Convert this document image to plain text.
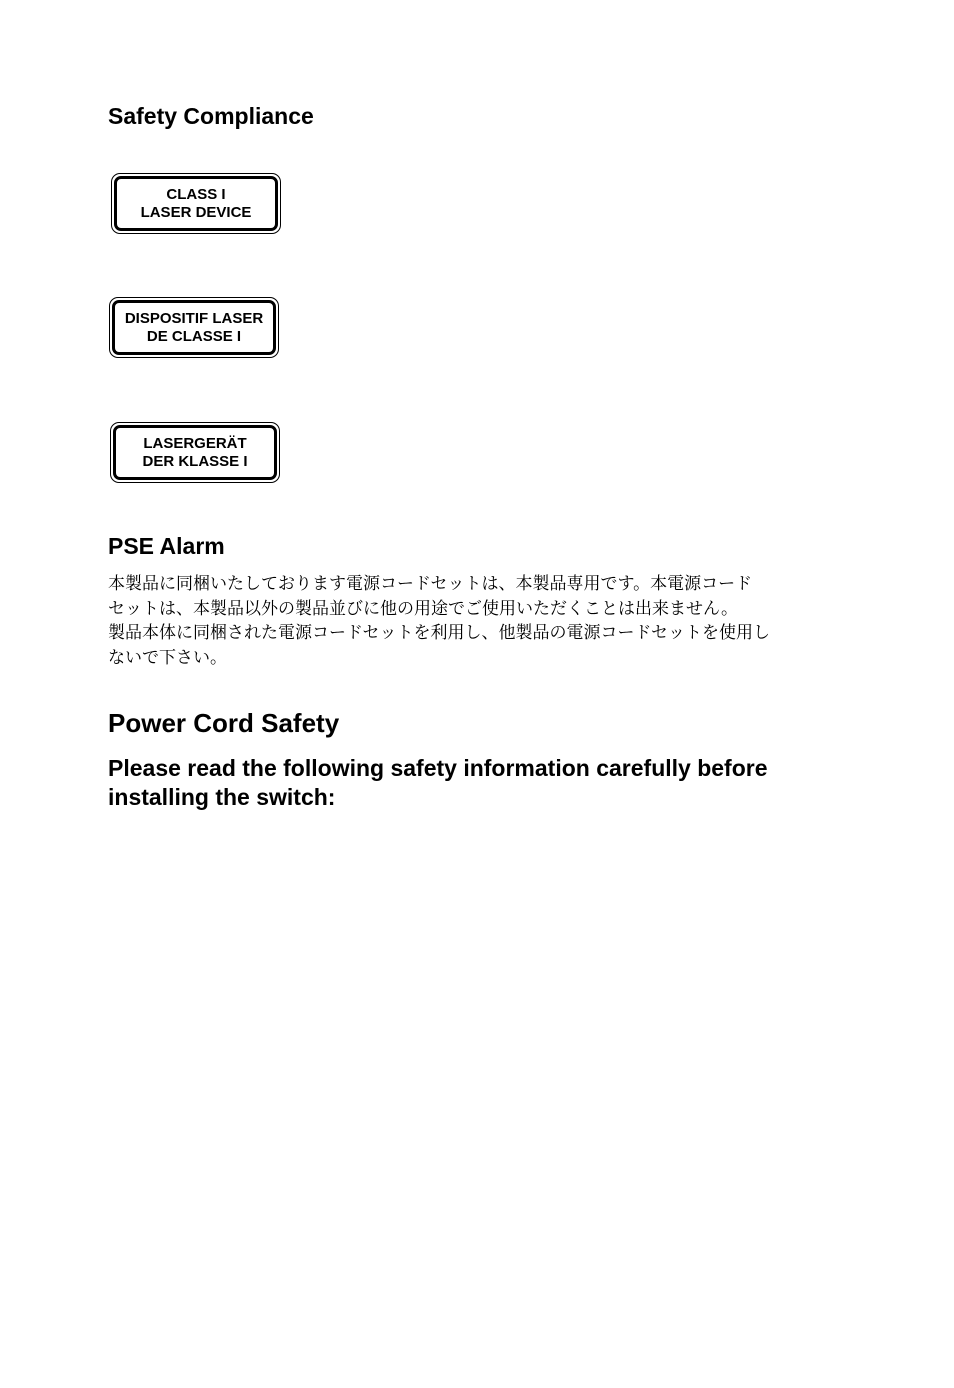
Safety Compliance
CLASS I
LASER DEVICE
DISPOSITIF LASER
DE CLASSE I
LASERGERÄT
DER KLASSE I
PSE Alarm
本製品に同梱いたしております電源コードセットは、本製品専用です。本電源コード
セットは、本製品以外の製品並びに他の用途でご使用いただくことは出来ません。
製品本体に同梱された電源コードセットを利用し、他製品の電源コードセットを使用し
ないで下さい。
Power Cord Safety

Please read the following safety information carefully before
installing the switch:
